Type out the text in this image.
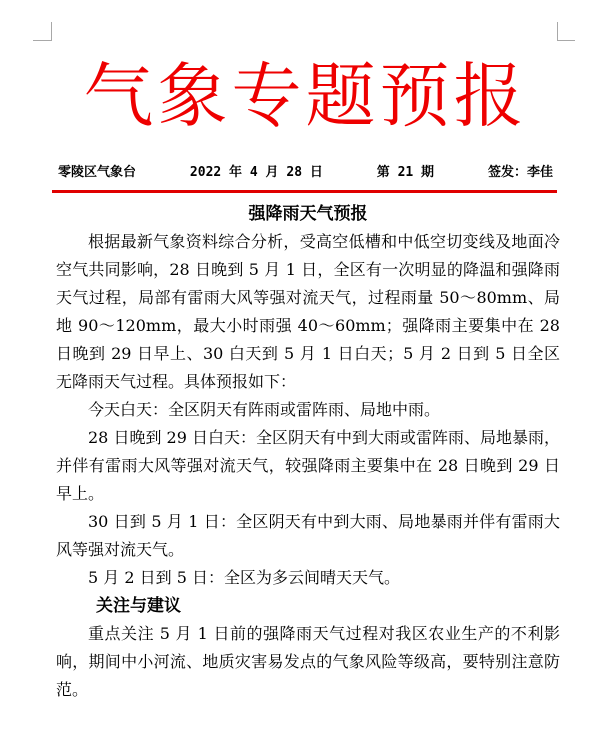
气象专题预报
零陵区气象台	2022 年 4 月 28 日	第 21 期	签发：李佳

强降雨天气预报

根据最新气象资料综合分析，受高空低槽和中低空切变线及地面冷空气共同影响，28 日晚到 5 月 1 日，全区有一次明显的降温和强降雨天气过程，局部有雷雨大风等强对流天气，过程雨量 50～80mm、局地 90～120mm，最大小时雨强 40～60mm；强降雨主要集中在 28 日晚到 29 日早上、30 白天到 5 月 1 日白天；5 月 2 日到 5 日全区无降雨天气过程。具体预报如下：

今天白天：全区阴天有阵雨或雷阵雨、局地中雨。

28 日晚到 29 日白天：全区阴天有中到大雨或雷阵雨、局地暴雨，并伴有雷雨大风等强对流天气，较强降雨主要集中在 28 日晚到 29 日早上。

30 日到 5 月 1 日：全区阴天有中到大雨、局地暴雨并伴有雷雨大风等强对流天气。

5 月 2 日到 5 日：全区为多云间晴天天气。

关注与建议

重点关注 5 月 1 日前的强降雨天气过程对我区农业生产的不利影响，期间中小河流、地质灾害易发点的气象风险等级高，要特别注意防范。
